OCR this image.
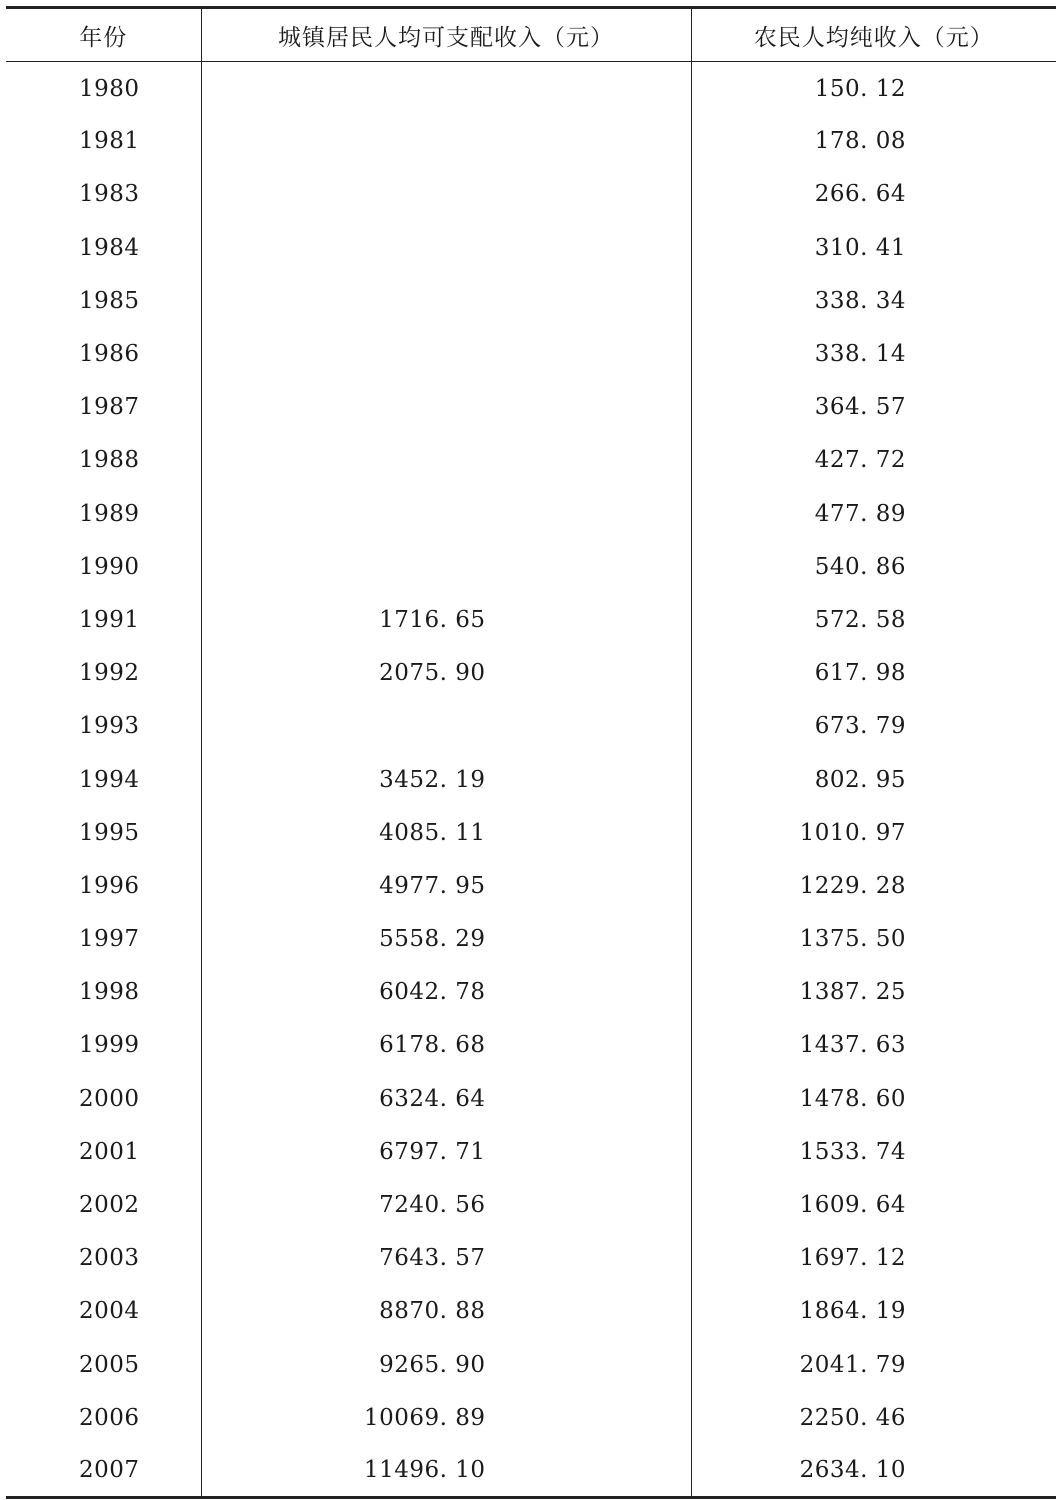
年份	城镇居民人均可支配收入（元）	农民人均纯收入（元）
1980		150. 12
1981		178. 08
1983		266. 64
1984		310. 41
1985		338. 34
1986		338. 14
1987		364. 57
1988		427. 72
1989		477. 89
1990		540. 86
1991	1716. 65	572. 58
1992	2075. 90	617. 98
1993		673. 79
1994	3452. 19	802. 95
1995	4085. 11	1010. 97
1996	4977. 95	1229. 28
1997	5558. 29	1375. 50
1998	6042. 78	1387. 25
1999	6178. 68	1437. 63
2000	6324. 64	1478. 60
2001	6797. 71	1533. 74
2002	7240. 56	1609. 64
2003	7643. 57	1697. 12
2004	8870. 88	1864. 19
2005	9265. 90	2041. 79
2006	10069. 89	2250. 46
2007	11496. 10	2634. 10
